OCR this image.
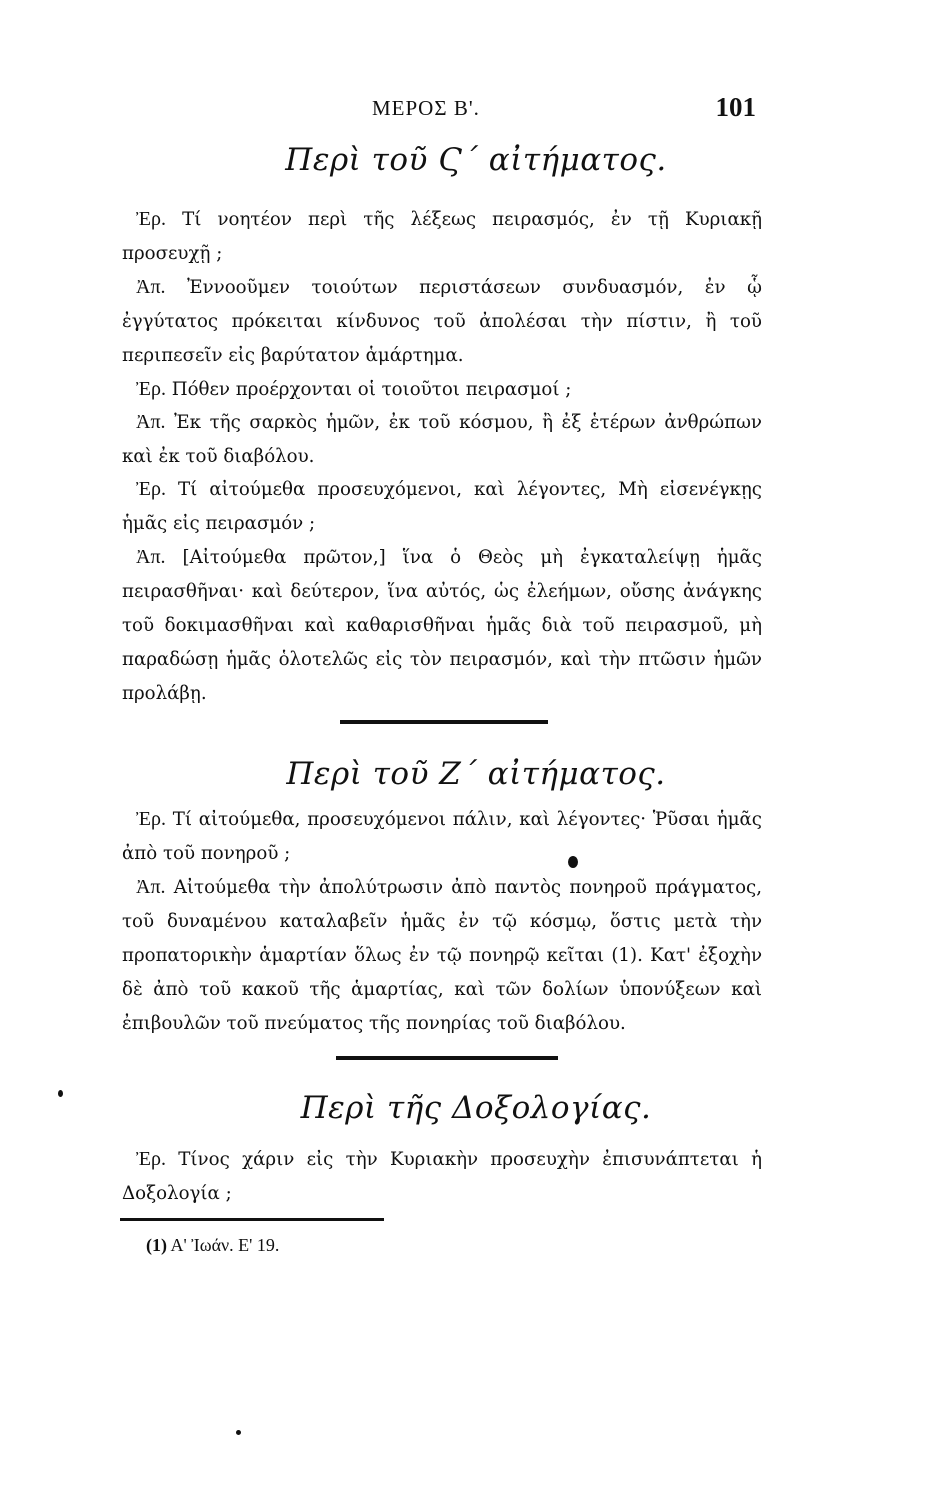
ΜΕΡΟΣ Β'.	101
Περὶ τοῦ Ϛ΄ αἰτήματος.
Ἐρ. Τί νοητέον περὶ τῆς λέξεως πειρασμός, ἐν τῇ Κυριακῇ προσευχῇ ;
Ἀπ. Ἐννοοῦμεν τοιούτων περιστάσεων συνδυασμόν, ἐν ᾧ ἐγγύτατος πρόκειται κίνδυνος τοῦ ἀπολέσαι τὴν πίστιν, ἢ τοῦ περιπεσεῖν εἰς βαρύτατον ἁμάρτημα.
Ἐρ. Πόθεν προέρχονται οἱ τοιοῦτοι πειρασμοί ;
Ἀπ. Ἐκ τῆς σαρκὸς ἡμῶν, ἐκ τοῦ κόσμου, ἢ ἐξ ἑτέρων ἀνθρώπων καὶ ἐκ τοῦ διαβόλου.
Ἐρ. Τί αἰτούμεθα προσευχόμενοι, καὶ λέγοντες, Μὴ εἰσενέγκῃς ἡμᾶς εἰς πειρασμόν ;
Ἀπ. [Αἰτούμεθα πρῶτον,] ἵνα ὁ Θεὸς μὴ ἐγκαταλείψῃ ἡμᾶς πειρασθῆναι· καὶ δεύτερον, ἵνα αὐτός, ὡς ἐλεήμων, οὔσης ἀνάγκης τοῦ δοκιμασθῆναι καὶ καθαρισθῆναι ἡμᾶς διὰ τοῦ πειρασμοῦ, μὴ παραδώσῃ ἡμᾶς ὁλοτελῶς εἰς τὸν πειρασμόν, καὶ τὴν πτῶσιν ἡμῶν προλάβῃ.
Περὶ τοῦ Ζ΄ αἰτήματος.
Ἐρ. Τί αἰτούμεθα, προσευχόμενοι πάλιν, καὶ λέγοντες· Ῥῦσαι ἡμᾶς ἀπὸ τοῦ πονηροῦ ;
Ἀπ. Αἰτούμεθα τὴν ἀπολύτρωσιν ἀπὸ παντὸς πονηροῦ πράγματος, τοῦ δυναμένου καταλαβεῖν ἡμᾶς ἐν τῷ κόσμῳ, ὅστις μετὰ τὴν προπατορικὴν ἁμαρτίαν ὅλως ἐν τῷ πονηρῷ κεῖται (1). Κατ' ἐξοχὴν δὲ ἀπὸ τοῦ κακοῦ τῆς ἁμαρτίας, καὶ τῶν δολίων ὑπονύξεων καὶ ἐπιβουλῶν τοῦ πνεύματος τῆς πονηρίας τοῦ διαβόλου.
Περὶ τῆς Δοξολογίας.
Ἐρ. Τίνος χάριν εἰς τὴν Κυριακὴν προσευχὴν ἐπισυνάπτεται ἡ Δοξολογία ;
(1) Α' Ἰωάν. Ε' 19.
